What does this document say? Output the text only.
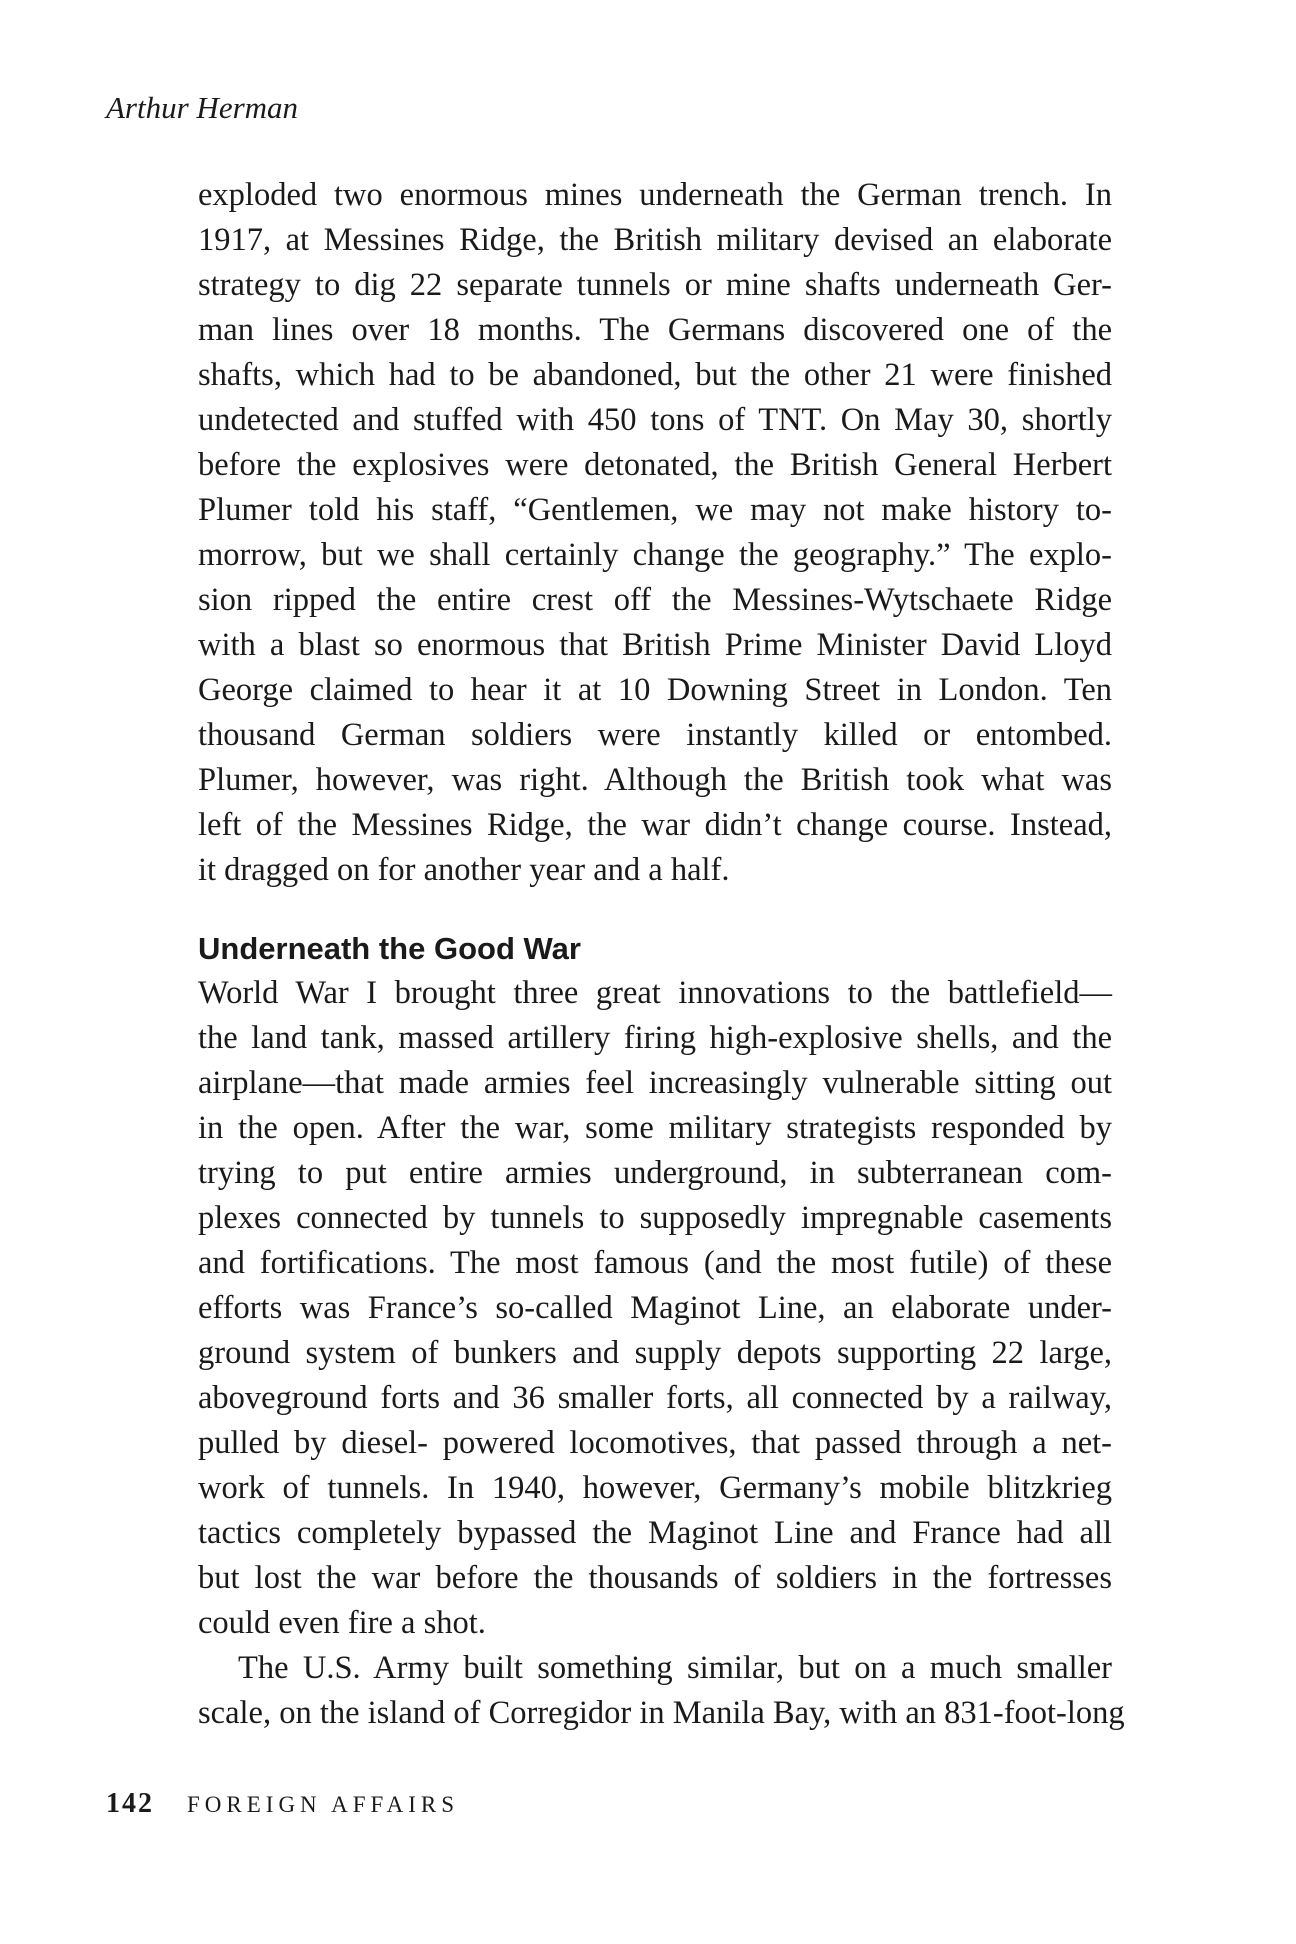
Arthur Herman
exploded two enormous mines underneath the German trench. In
1917, at Messines Ridge, the British military devised an elaborate
strategy to dig 22 separate tunnels or mine shafts underneath Ger-
man lines over 18 months. The Germans discovered one of the
shafts, which had to be abandoned, but the other 21 were finished
undetected and stuffed with 450 tons of TNT. On May 30, shortly
before the explosives were detonated, the British General Herbert
Plumer told his staff, “Gentlemen, we may not make history to-
morrow, but we shall certainly change the geography.” The explo-
sion ripped the entire crest off the Messines-Wytschaete Ridge
with a blast so enormous that British Prime Minister David Lloyd
George claimed to hear it at 10 Downing Street in London. Ten
thousand German soldiers were instantly killed or entombed.
Plumer, however, was right. Although the British took what was
left of the Messines Ridge, the war didn’t change course. Instead,
it dragged on for another year and a half.
Underneath the Good War
World War I brought three great innovations to the battlefield—
the land tank, massed artillery firing high-explosive shells, and the
airplane—that made armies feel increasingly vulnerable sitting out
in the open. After the war, some military strategists responded by
trying to put entire armies underground, in subterranean com-
plexes connected by tunnels to supposedly impregnable casements
and fortifications. The most famous (and the most futile) of these
efforts was France’s so-called Maginot Line, an elaborate under-
ground system of bunkers and supply depots supporting 22 large,
aboveground forts and 36 smaller forts, all connected by a railway,
pulled by diesel- powered locomotives, that passed through a net-
work of tunnels. In 1940, however, Germany’s mobile blitzkrieg
tactics completely bypassed the Maginot Line and France had all
but lost the war before the thousands of soldiers in the fortresses
could even fire a shot.
The U.S. Army built something similar, but on a much smaller
scale, on the island of Corregidor in Manila Bay, with an 831-foot-long
142 FOREIGN AFFAIRS
